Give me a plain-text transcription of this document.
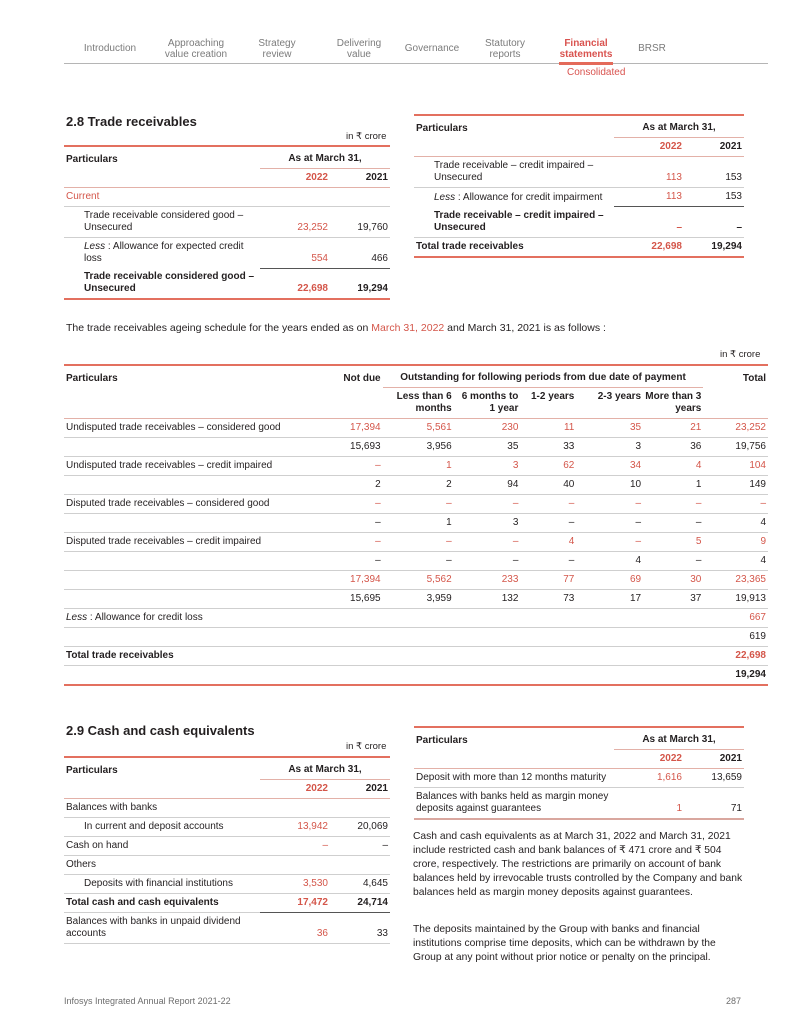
Introduction	Approaching
value creation
Strategy
review
Delivering
value	Governance	Statutory
reports
Financial
statements	BRSR
Consolidated
2.8 Trade receivables
in ₹ crore
Particulars	As at March 31,	
	2022	2021
Current		
Trade receivable considered good – Unsecured	23,252	19,760
Less : Allowance for expected credit loss	554	466
Trade receivable considered good – Unsecured	22,698	19,294
Particulars	As at March 31,	
	2022	2021
Trade receivable – credit impaired – Unsecured	113	153
Less : Allowance for credit impairment	113	153
Trade receivable – credit impaired – Unsecured	–	–
Total trade receivables	22,698	19,294

The trade receivables ageing schedule for the years ended as on March 31, 2022 and March 31, 2021 is as follows :

in ₹ crore
Particulars	Not due	Outstanding for following periods from due date of payment					Total
		Less than 6 months	6 months to 1 year	1-2 years	2-3 years	More than 3 years	
Undisputed trade receivables – considered good	17,394	5,561	230	11	35	21	23,252
	15,693	3,956	35	33	3	36	19,756
Undisputed trade receivables – credit impaired	–	1	3	62	34	4	104
	2	2	94	40	10	1	149
Disputed trade receivables – considered good	–	–	–	–	–	–	–
	–	1	3	–	–	–	4
Disputed trade receivables – credit impaired	–	–	–	4	–	5	9
	–	–	–	–	4	–	4
	17,394	5,562	233	77	69	30	23,365
	15,695	3,959	132	73	17	37	19,913
Less : Allowance for credit loss							667
							619
Total trade receivables							22,698
							19,294
2.9 Cash and cash equivalents
in ₹ crore
Particulars	As at March 31,	
	2022	2021
Balances with banks		
In current and deposit accounts	13,942	20,069
Cash on hand	–	–
Others		
Deposits with financial institutions	3,530	4,645
Total cash and cash equivalents	17,472	24,714
Balances with banks in unpaid dividend accounts	36	33
Particulars	As at March 31,	
	2022	2021
Deposit with more than 12 months maturity	1,616	13,659
Balances with banks held as margin money deposits against guarantees	1	71

Cash and cash equivalents as at March 31, 2022 and March 31, 2021 include restricted cash and bank balances of ₹ 471 crore and ₹ 504 crore, respectively. The restrictions are primarily on account of bank balances held by irrevocable trusts controlled by the Company and bank balances held as margin money deposits against guarantees.

The deposits maintained by the Group with banks and financial institutions comprise time deposits, which can be withdrawn by the Group at any point without prior notice or penalty on the principal.

Infosys Integrated Annual Report 2021-22	287
